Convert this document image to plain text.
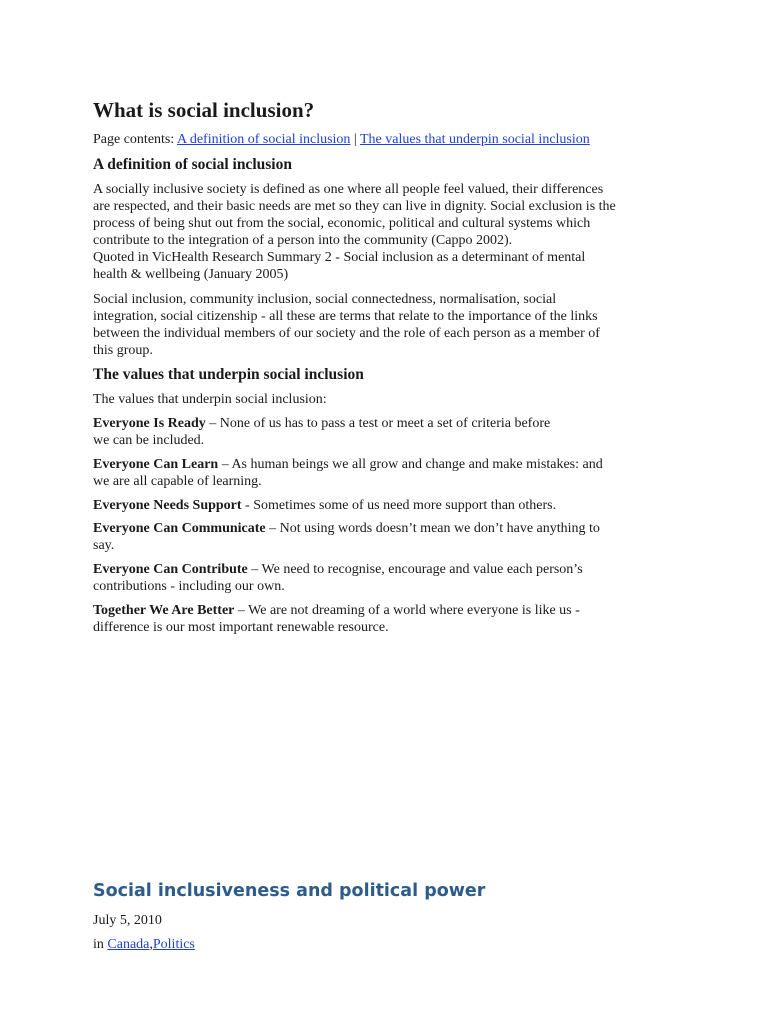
What is social inclusion?
Page contents: A definition of social inclusion | The values that underpin social inclusion
A definition of social inclusion
A socially inclusive society is defined as one where all people feel valued, their differences
are respected, and their basic needs are met so they can live in dignity. Social exclusion is the
process of being shut out from the social, economic, political and cultural systems which
contribute to the integration of a person into the community (Cappo 2002).
Quoted in VicHealth Research Summary 2 - Social inclusion as a determinant of mental
health & wellbeing (January 2005)
Social inclusion, community inclusion, social connectedness, normalisation, social
integration, social citizenship - all these are terms that relate to the importance of the links
between the individual members of our society and the role of each person as a member of
this group.
The values that underpin social inclusion
The values that underpin social inclusion:
Everyone Is Ready – None of us has to pass a test or meet a set of criteria before
we can be included.
Everyone Can Learn – As human beings we all grow and change and make mistakes: and
we are all capable of learning.
Everyone Needs Support - Sometimes some of us need more support than others.
Everyone Can Communicate – Not using words doesn’t mean we don’t have anything to
say.
Everyone Can Contribute – We need to recognise, encourage and value each person’s
contributions - including our own.
Together We Are Better – We are not dreaming of a world where everyone is like us -
difference is our most important renewable resource.
Social inclusiveness and political power
July 5, 2010
in Canada,Politics
